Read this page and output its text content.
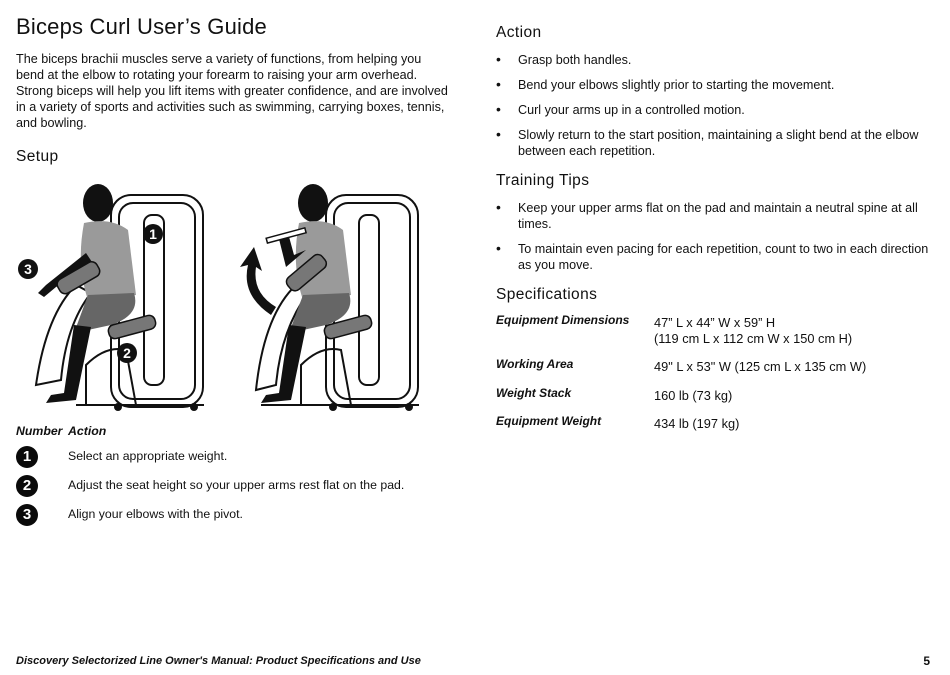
Biceps Curl User’s Guide

The biceps brachii muscles serve a variety of functions, from helping you bend at the elbow to rotating your forearm to raising your arm overhead. Strong biceps will help you lift items with greater confidence, and are involved in a variety of sports and activities such as swimming, carrying boxes, tennis, and bowling.

Setup
1
2
3
Number Action
1	Select an appropriate weight.
2	Adjust the seat height so your upper arms rest flat on the pad.
3	Align your elbows with the pivot.
Action
• Grasp both handles.
• Bend your elbows slightly prior to starting the movement.
• Curl your arms up in a controlled motion.
• Slowly return to the start position, maintaining a slight bend at the elbow between each repetition.
Training Tips
• Keep your upper arms flat on the pad and maintain a neutral spine at all times.
• To maintain even pacing for each repetition, count to two in each direction as you move.
Specifications
Equipment Dimensions 47” L x 44” W x 59” H
(119 cm L x 112 cm W x 150 cm H)
Working Area	49" L x 53" W (125 cm L x 135 cm W)
Weight Stack	160 lb (73 kg)
Equipment Weight	434 lb (197 kg)
Discovery Selectorized Line Owner's Manual: Product Specifications and Use	5
